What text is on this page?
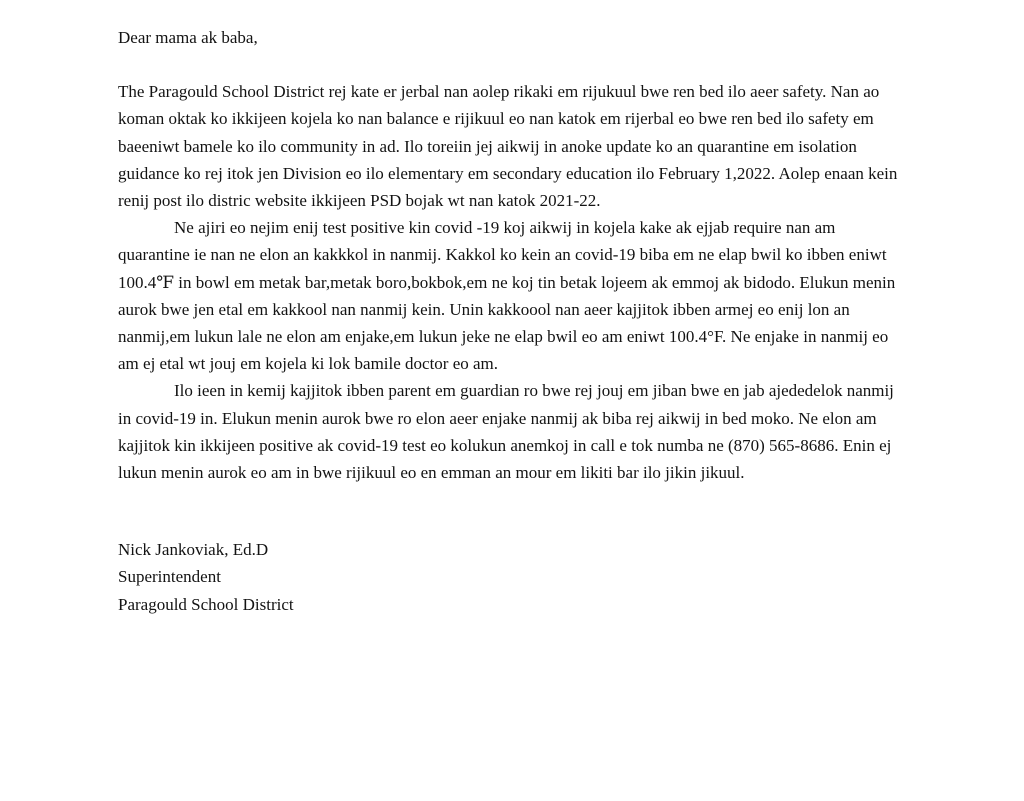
Dear mama ak baba,

The Paragould School District rej kate er jerbal nan aolep rikaki em rijukuul bwe ren bed ilo aeer safety. Nan ao koman oktak ko ikkijeen kojela ko nan balance e rijikuul eo nan katok em rijerbal eo bwe ren bed ilo safety em baeeniwt bamele ko ilo community in ad. Ilo toreiin jej aikwij in anoke update ko an quarantine em isolation guidance ko rej itok jen Division eo ilo elementary em secondary education ilo February 1,2022. Aolep enaan kein renij post ilo distric website ikkijeen PSD bojak wt nan katok 2021-22.

Ne ajiri eo nejim enij test positive kin covid -19 koj aikwij in kojela kake ak ejjab require nan am quarantine ie nan ne elon an kakkkol in nanmij. Kakkol ko kein an covid-19 biba em ne elap bwil ko ibben eniwt 100.4℉ in bowl em metak bar,metak boro,bokbok,em ne koj tin betak lojeem ak emmoj ak bidodo. Elukun menin aurok bwe jen etal em kakkool nan nanmij kein. Unin kakkoool nan aeer kajjitok ibben armej eo enij lon an nanmij,em lukun lale ne elon am enjake,em lukun jeke ne elap bwil eo am eniwt 100.4°F. Ne enjake in nanmij eo am ej etal wt jouj em kojela ki lok bamile doctor eo am.

Ilo ieen in kemij kajjitok ibben parent em guardian ro bwe rej jouj em jiban bwe en jab ajededelok nanmij in covid-19 in. Elukun menin aurok bwe ro elon aeer enjake nanmij ak biba rej aikwij in bed moko. Ne elon am kajjitok kin ikkijeen positive ak covid-19 test eo kolukun anemkoj in call e tok numba ne (870) 565-8686. Enin ej lukun menin aurok eo am in bwe rijikuul eo en emman an mour em likiti bar ilo jikin jikuul.

Nick Jankoviak, Ed.D

Superintendent

Paragould School District
